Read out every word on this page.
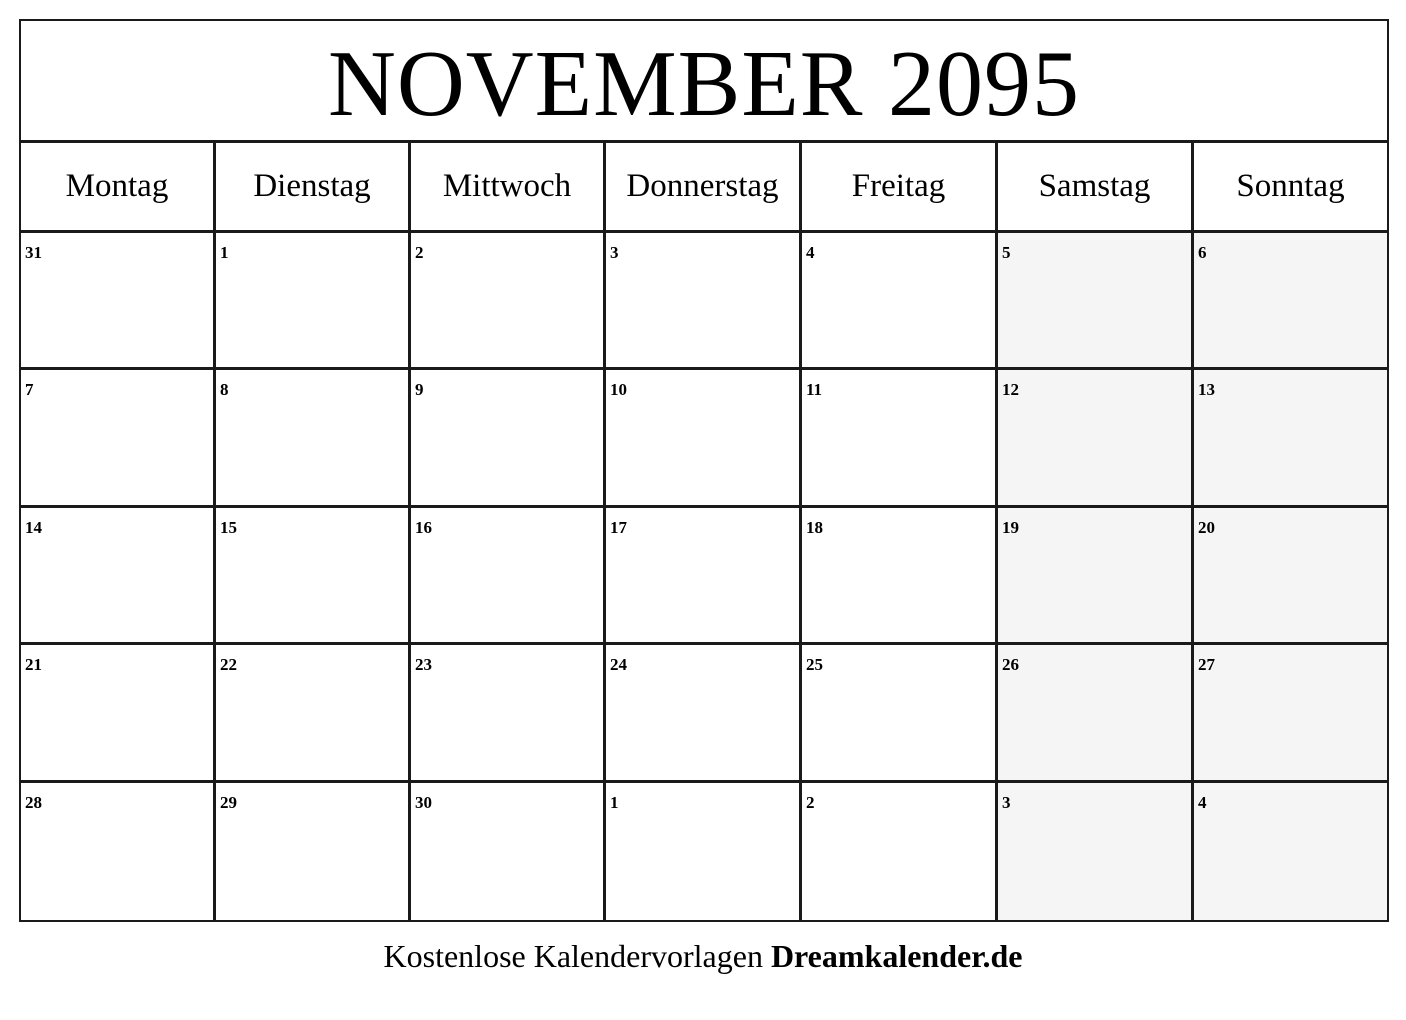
NOVEMBER 2095
Montag	Dienstag	Mittwoch	Donnerstag	Freitag	Samstag	Sonntag
31	1	2	3	4	5	6
7	8	9	10	11	12	13
14	15	16	17	18	19	20
21	22	23	24	25	26	27
28	29	30	1	2	3	4
Kostenlose Kalendervorlagen Dreamkalender.de
